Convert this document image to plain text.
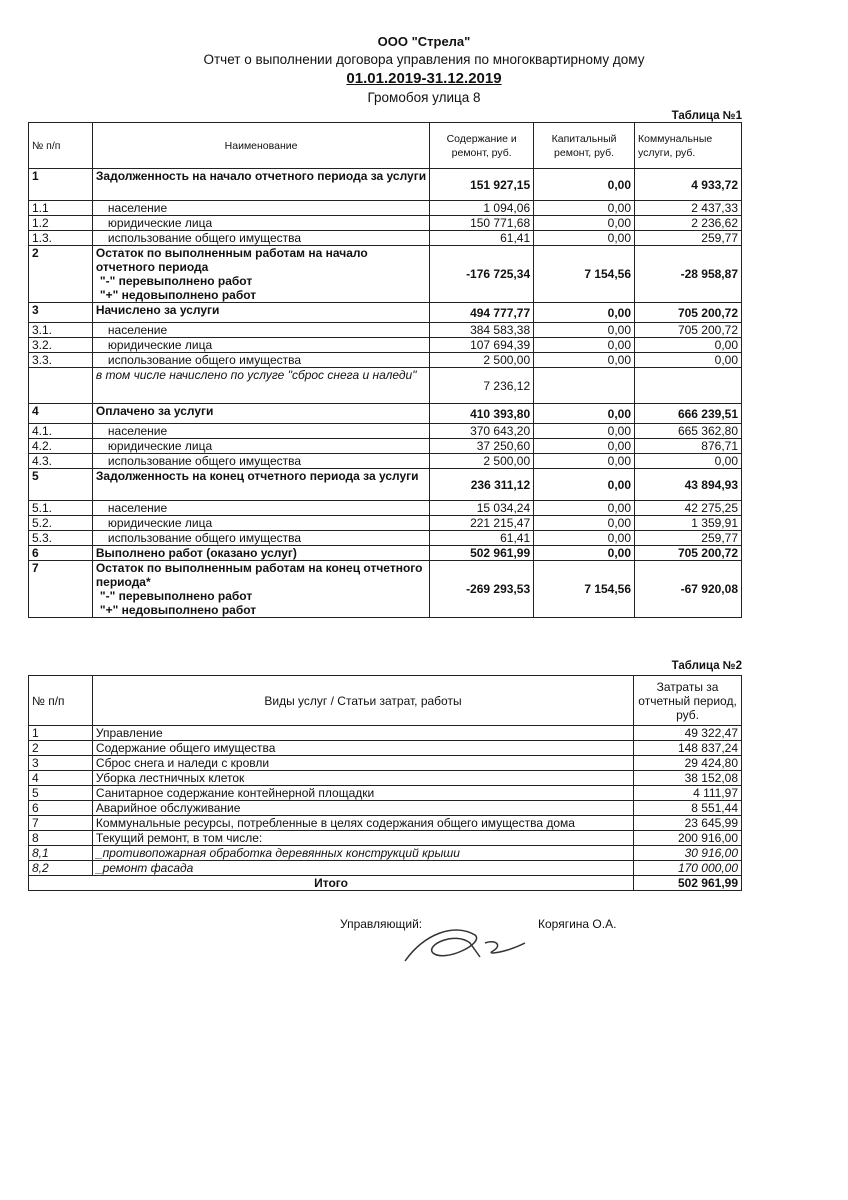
ООО "Стрела"
Отчет о выполнении договора управления по многоквартирному дому
01.01.2019-31.12.2019
Громобоя улица 8
Таблица №1
№ п/п	Наименование	Содержание и ремонт, руб.	Капитальный ремонт, руб.	Коммунальные услуги, руб.
1	Задолженность на начало отчетного периода за услуги	151 927,15	0,00	4 933,72
1.1	население	1 094,06	0,00	2 437,33
1.2	юридические лица	150 771,68	0,00	2 236,62
1.3.	использование общего имущества	61,41	0,00	259,77
2	Остаток по выполненным работам на начало отчетного периода
"-" перевыполнено работ
"+" недовыполнено работ	-176 725,34	7 154,56	-28 958,87
3	Начислено за услуги	494 777,77	0,00	705 200,72
3.1.	население	384 583,38	0,00	705 200,72
3.2.	юридические лица	107 694,39	0,00	0,00
3.3.	использование общего имущества	2 500,00	0,00	0,00

	в том числе начислено по услуге "сброс снега и наледи"	7 236,12		
4	Оплачено за услуги	410 393,80	0,00	666 239,51
4.1.	население	370 643,20	0,00	665 362,80
4.2.	юридические лица	37 250,60	0,00	876,71
4.3.	использование общего имущества	2 500,00	0,00	0,00
5	Задолженность на конец отчетного периода за услуги	236 311,12	0,00	43 894,93
5.1.	население	15 034,24	0,00	42 275,25
5.2.	юридические лица	221 215,47	0,00	1 359,91
5.3.	использование общего имущества	61,41	0,00	259,77
6	Выполнено работ (оказано услуг)	502 961,99	0,00	705 200,72
7	Остаток по выполненным работам на конец отчетного периода*
"-" перевыполнено работ
"+" недовыполнено работ	-269 293,53	7 154,56	-67 920,08
Таблица №2
№ п/п	Виды услуг / Статьи затрат, работы	Затраты за отчетный период, руб.
1	Управление	49 322,47
2	Содержание общего имущества	148 837,24
3	Сброс снега и наледи с кровли	29 424,80
4	Уборка лестничных клеток	38 152,08
5	Санитарное содержание контейнерной площадки	4 111,97
6	Аварийное обслуживание	8 551,44
7	Коммунальные ресурсы, потребленные в целях содержания общего имущества дома	23 645,99
8	Текущий ремонт, в том числе:	200 916,00
8,1	_противопожарная обработка деревянных конструкций крыши	30 916,00
8,2	_ремонт фасада	170 000,00
Итого		502 961,99
Управляющий:	Корягина О.А.
